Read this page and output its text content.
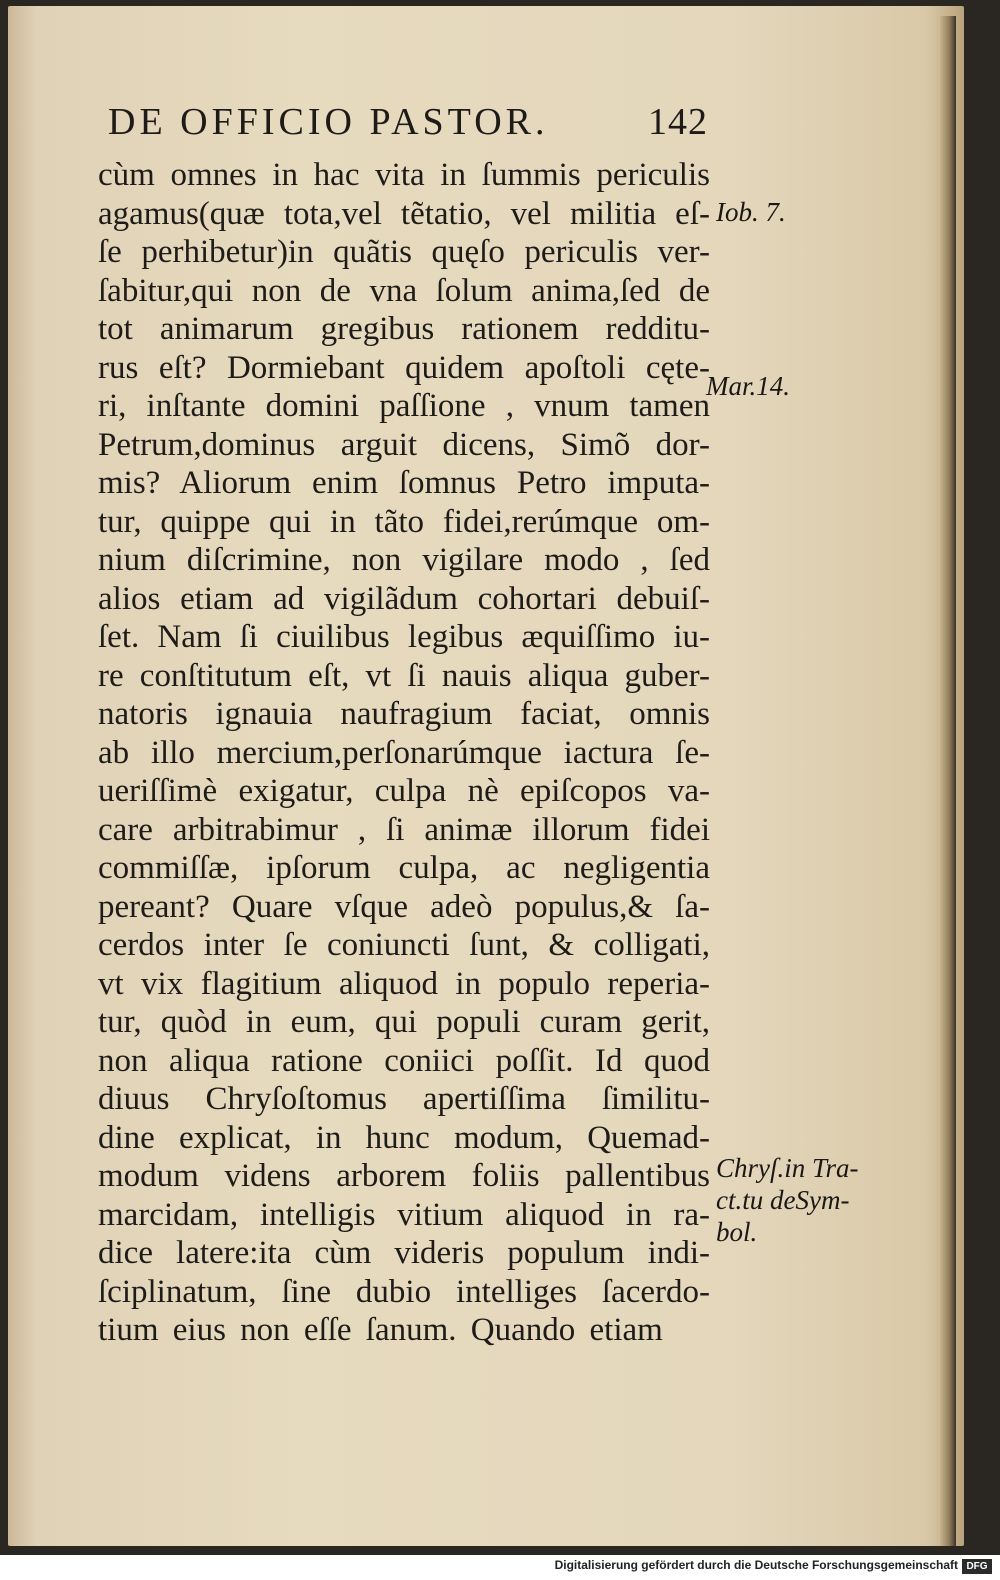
DE OFFICIO PASTOR.	142
cùm omnes in hac vita in ſummis periculis
agamus(quæ tota,vel tẽtatio, vel militia eſ-
ſe perhibetur)in quãtis quęſo periculis ver-
ſabitur,qui non de vna ſolum anima,ſed de
tot animarum gregibus rationem redditu-
rus eſt? Dormiebant quidem apoſtoli cęte-
ri, inſtante domini paſſione , vnum tamen
Petrum,dominus arguit dicens, Simõ dor-
mis? Aliorum enim ſomnus Petro imputa-
tur, quippe qui in tãto fidei,rerúmque om-
nium diſcrimine, non vigilare modo , ſed
alios etiam ad vigilãdum cohortari debuiſ-
ſet. Nam ſi ciuilibus legibus æquiſſimo iu-
re conſtitutum eſt, vt ſi nauis aliqua guber-
natoris ignauia naufragium faciat, omnis
ab illo mercium,perſonarúmque iactura ſe-
ueriſſimè exigatur, culpa nè epiſcopos va-
care arbitrabimur , ſi animæ illorum fidei
commiſſæ, ipſorum culpa, ac negligentia
pereant? Quare vſque adeò populus,& ſa-
cerdos inter ſe coniuncti ſunt, & colligati,
vt vix flagitium aliquod in populo reperia-
tur, quòd in eum, qui populi curam gerit,
non aliqua ratione coniici poſſit. Id quod
diuus Chryſoſtomus apertiſſima ſimilitu-
dine explicat, in hunc modum, Quemad-
modum videns arborem foliis pallentibus
marcidam, intelligis vitium aliquod in ra-
dice latere:ita cùm videris populum indi-
ſciplinatum, ſine dubio intelliges ſacerdo-
tium eius non eſſe ſanum. Quando etiam
Iob. 7.
Mar.14.
Chryſ.in Tra-
ct.tu deSym-
bol.
Digitalisierung gefördert durch die Deutsche Forschungsgemeinschaft DFG
